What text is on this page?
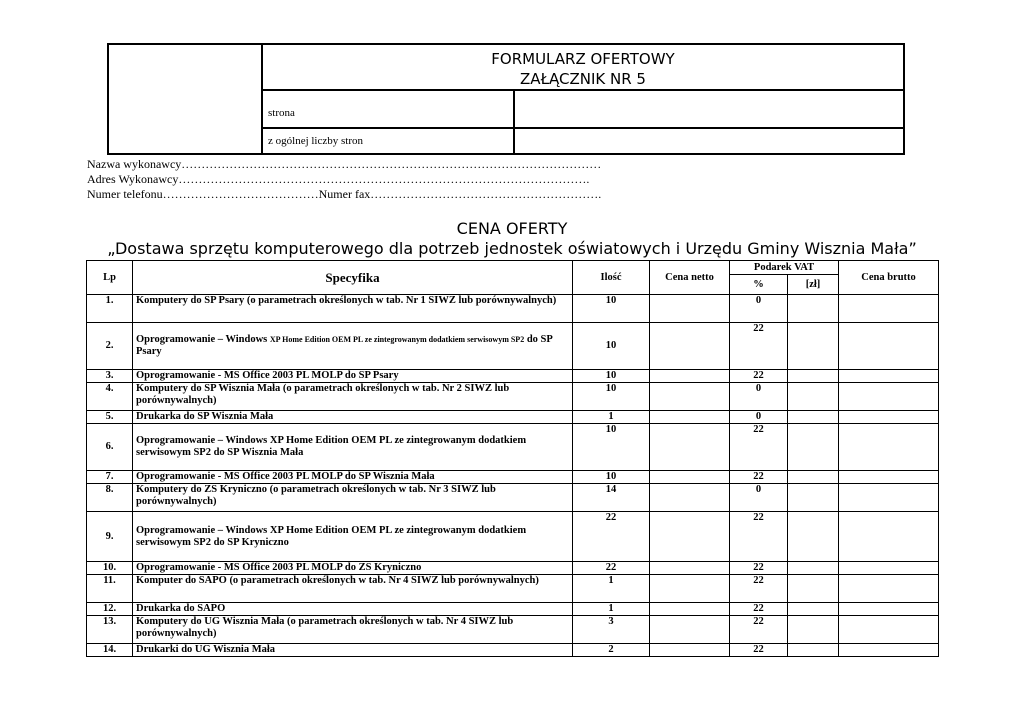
FORMULARZ OFERTOWY
ZAŁĄCZNIK NR 5
strona
z ogólnej liczby stron
Nazwa wykonawcy……………………………………………………………………………………………
Adres Wykonawcy………………………………………………………………………………………….
Numer telefonu…………………………………Numer fax………………………………………………….
CENA OFERTY
„Dostawa sprzętu komputerowego dla potrzeb jednostek oświatowych i Urzędu Gminy Wisznia Mała”
Lp	Specyfika	Ilość	Cena netto	Podarek VAT		Cena brutto
				%	[zł]	
1.	Komputery do SP Psary (o parametrach określonych w tab. Nr 1 SIWZ lub porównywalnych)	10		0		
2.	Oprogramowanie – Windows XP Home Edition OEM PL ze zintegrowanym dodatkiem serwisowym SP2 do SP Psary	10		22		
3.	Oprogramowanie - MS Office 2003 PL MOLP do SP Psary	10		22		
4.	Komputery do SP Wisznia Mała (o parametrach określonych w tab. Nr 2 SIWZ lub porównywalnych)	10		0		
5.	Drukarka do SP Wisznia Mała	1		0		
6.	Oprogramowanie – Windows XP Home Edition OEM PL ze zintegrowanym dodatkiem serwisowym SP2 do SP Wisznia Mała	10		22		
7.	Oprogramowanie - MS Office 2003 PL MOLP do SP Wisznia Mała	10		22		
8.	Komputery do ZS Kryniczno (o parametrach określonych w tab. Nr 3 SIWZ lub porównywalnych)	14		0		
9.	Oprogramowanie – Windows XP Home Edition OEM PL ze zintegrowanym dodatkiem serwisowym SP2 do SP Kryniczno	22		22		
10.	Oprogramowanie - MS Office 2003 PL MOLP do ZS Kryniczno	22		22		
11.	Komputer do SAPO (o parametrach określonych w tab. Nr 4 SIWZ lub porównywalnych)	1		22		
12.	Drukarka do SAPO	1		22		
13.	Komputery do UG Wisznia Mała (o parametrach określonych w tab. Nr 4 SIWZ lub porównywalnych)	3		22		
14.	Drukarki do UG Wisznia Mała	2		22		
